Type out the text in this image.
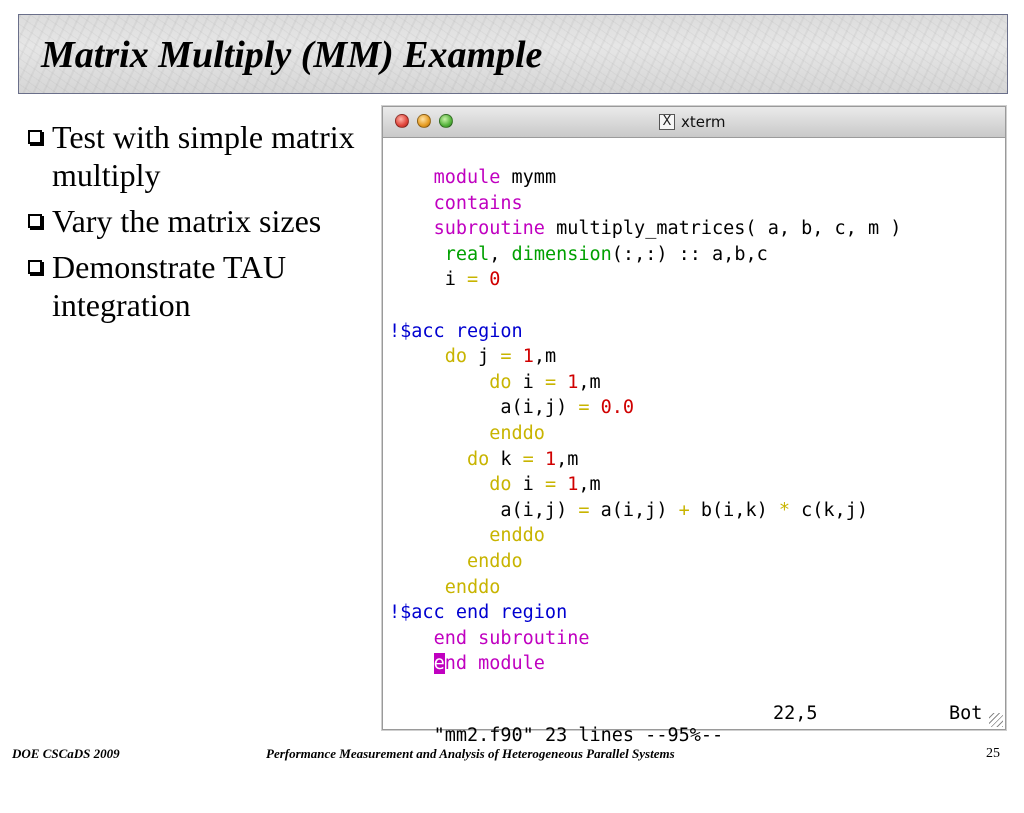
Matrix Multiply (MM) Example
Test with simple matrix multiply
Vary the matrix sizes
Demonstrate TAU integration
X xterm
module mymm
contains
subroutine multiply_matrices( a, b, c, m )
real, dimension(:,:) :: a,b,c
i = 0
!$acc region
do j = 1,m
do i = 1,m
a(i,j) = 0.0
enddo
do k = 1,m
do i = 1,m
a(i,j) = a(i,j) + b(i,k) * c(k,j)
enddo
enddo
enddo
!$acc end region
end subroutine
end module

"mm2.f90" 23 lines --95%--

22,5

	Bot

DOE CSCaDS 2009	Performance Measurement and Analysis of Heterogeneous Parallel Systems	25
